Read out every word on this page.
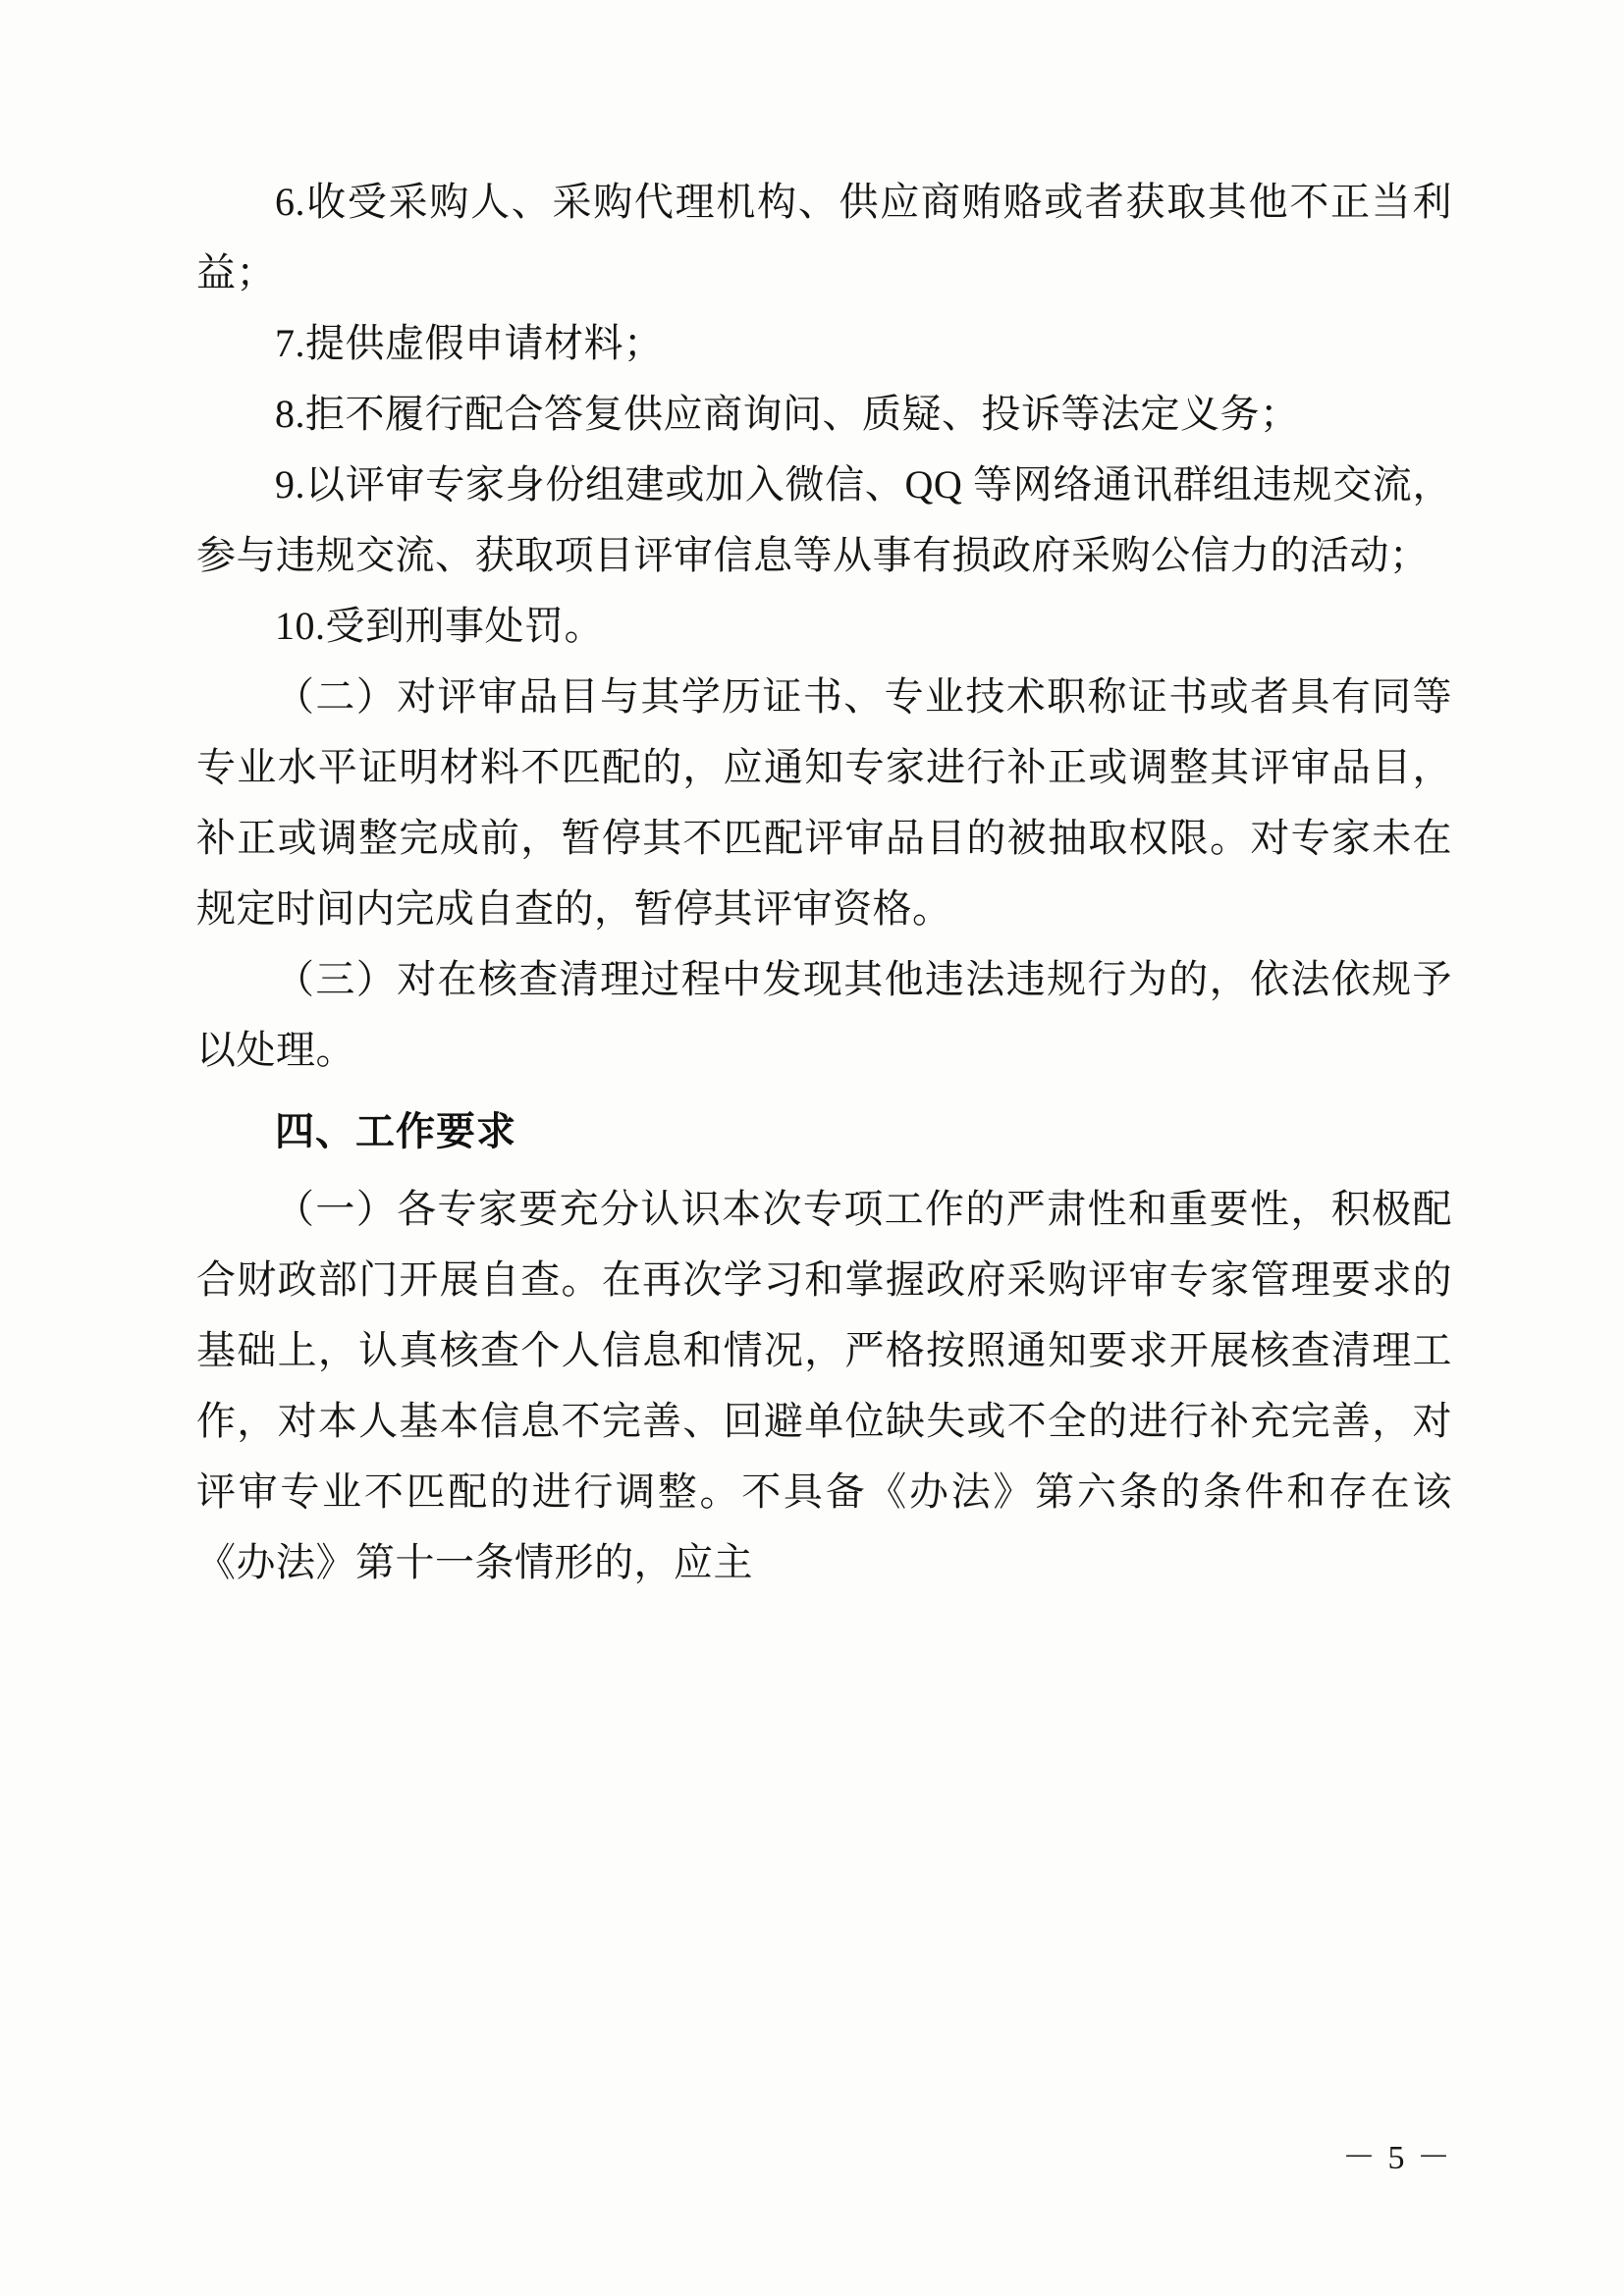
6.收受采购人、采购代理机构、供应商贿赂或者获取其他不正当利益；

7.提供虚假申请材料；

8.拒不履行配合答复供应商询问、质疑、投诉等法定义务；

9.以评审专家身份组建或加入微信、QQ 等网络通讯群组违规交流，参与违规交流、获取项目评审信息等从事有损政府采购公信力的活动；

10.受到刑事处罚。

（二）对评审品目与其学历证书、专业技术职称证书或者具有同等专业水平证明材料不匹配的，应通知专家进行补正或调整其评审品目，补正或调整完成前，暂停其不匹配评审品目的被抽取权限。对专家未在规定时间内完成自查的，暂停其评审资格。

（三）对在核查清理过程中发现其他违法违规行为的，依法依规予以处理。

四、工作要求

（一）各专家要充分认识本次专项工作的严肃性和重要性，积极配合财政部门开展自查。在再次学习和掌握政府采购评审专家管理要求的基础上，认真核查个人信息和情况，严格按照通知要求开展核查清理工作，对本人基本信息不完善、回避单位缺失或不全的进行补充完善，对评审专业不匹配的进行调整。不具备《办法》第六条的条件和存在该《办法》第十一条情形的，应主

－ 5 －
